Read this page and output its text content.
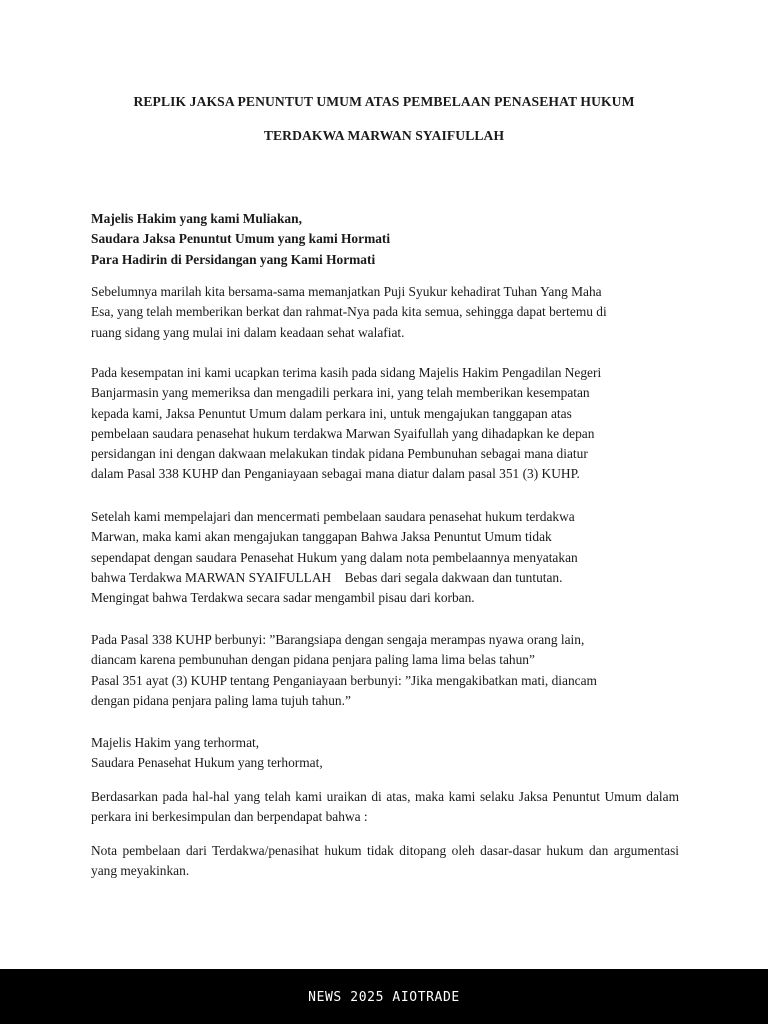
REPLIK JAKSA PENUNTUT UMUM ATAS PEMBELAAN PENASEHAT HUKUM
TERDAKWA MARWAN SYAIFULLAH
Majelis Hakim yang kami Muliakan,
Saudara Jaksa Penuntut Umum yang kami Hormati
Para Hadirin di Persidangan yang Kami Hormati
Sebelumnya marilah kita bersama-sama memanjatkan Puji Syukur kehadirat Tuhan Yang Maha
Esa, yang telah memberikan berkat dan rahmat-Nya pada kita semua, sehingga dapat bertemu di
ruang sidang yang mulai ini dalam keadaan sehat walafiat.
Pada kesempatan ini kami ucapkan terima kasih pada sidang Majelis Hakim Pengadilan Negeri
Banjarmasin yang memeriksa dan mengadili perkara ini, yang telah memberikan kesempatan
kepada kami, Jaksa Penuntut Umum dalam perkara ini, untuk mengajukan tanggapan atas
pembelaan saudara penasehat hukum terdakwa Marwan Syaifullah yang dihadapkan ke depan
persidangan ini dengan dakwaan melakukan tindak pidana Pembunuhan sebagai mana diatur
dalam Pasal 338 KUHP dan Penganiayaan sebagai mana diatur dalam pasal 351 (3) KUHP.
Setelah kami mempelajari dan mencermati pembelaan saudara penasehat hukum terdakwa
Marwan, maka kami akan mengajukan tanggapan Bahwa Jaksa Penuntut Umum tidak
sependapat dengan saudara Penasehat Hukum yang dalam nota pembelaannya menyatakan
bahwa Terdakwa MARWAN SYAIFULLAH    Bebas dari segala dakwaan dan tuntutan.
Mengingat bahwa Terdakwa secara sadar mengambil pisau dari korban.
Pada Pasal 338 KUHP berbunyi: ”Barangsiapa dengan sengaja merampas nyawa orang lain,
diancam karena pembunuhan dengan pidana penjara paling lama lima belas tahun”
Pasal 351 ayat (3) KUHP tentang Penganiayaan berbunyi: ”Jika mengakibatkan mati, diancam
dengan pidana penjara paling lama tujuh tahun.”
Majelis Hakim yang terhormat,
Saudara Penasehat Hukum yang terhormat,
Berdasarkan pada hal-hal yang telah kami uraikan di atas, maka kami selaku Jaksa Penuntut Umum dalam perkara ini berkesimpulan dan berpendapat bahwa :
Nota pembelaan dari Terdakwa/penasihat hukum tidak ditopang oleh dasar-dasar hukum dan argumentasi yang meyakinkan.
NEWS 2025 AIOTRADE
